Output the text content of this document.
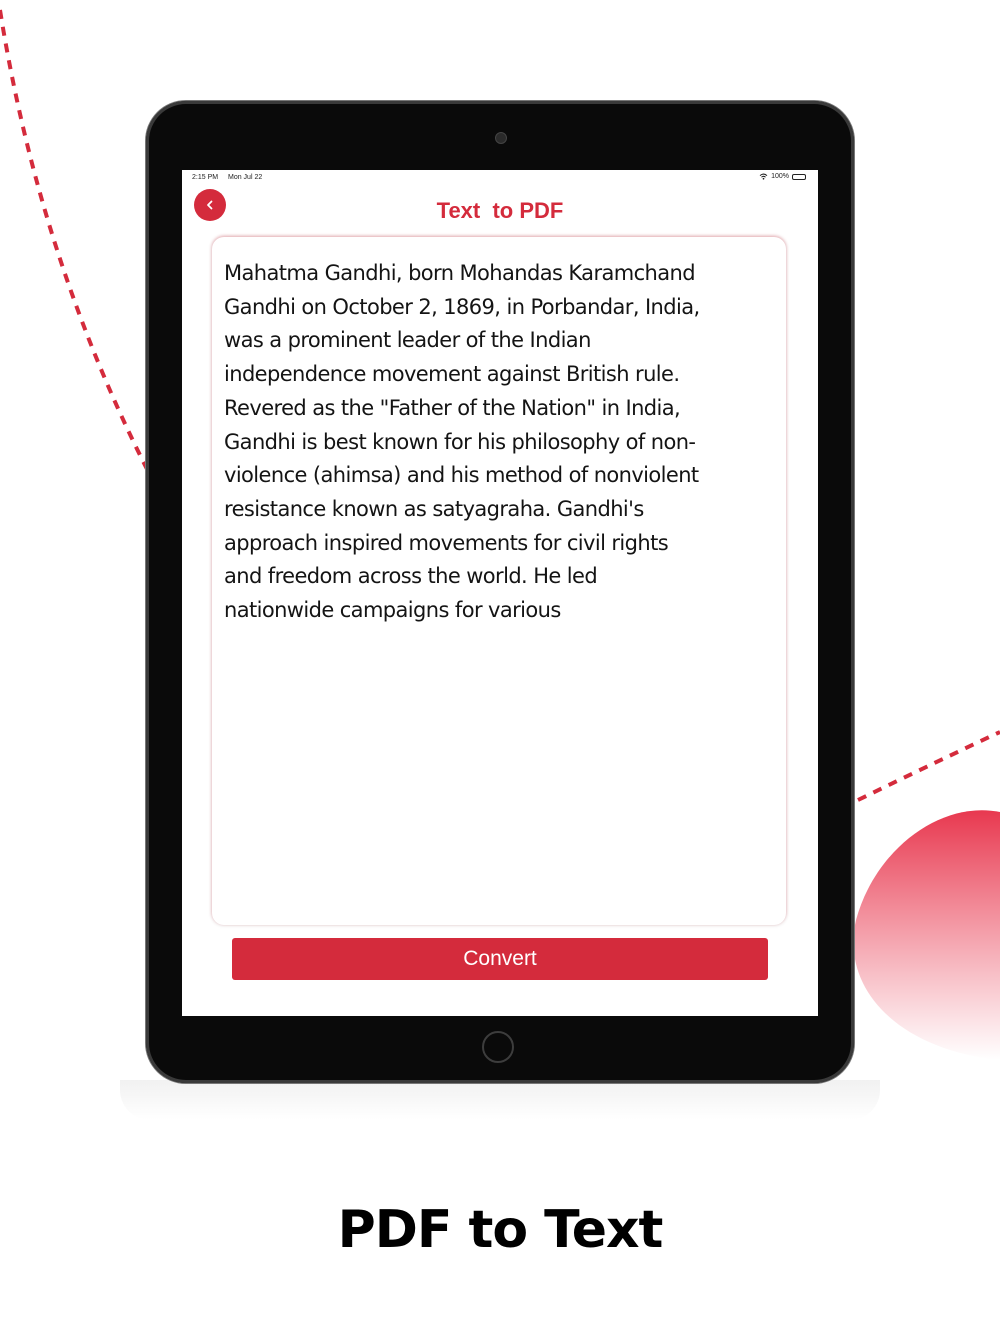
2:15 PM Mon Jul 22	100%
Text  to PDF

Mahatma Gandhi, born Mohandas Karamchand
Gandhi on October 2, 1869, in Porbandar, India,
was a prominent leader of the Indian
independence movement against British rule.
Revered as the "Father of the Nation" in India,
Gandhi is best known for his philosophy of non-
violence (ahimsa) and his method of nonviolent
resistance known as satyagraha. Gandhi's
approach inspired movements for civil rights
and freedom across the world. He led
nationwide campaigns for various

Convert
PDF to Text
